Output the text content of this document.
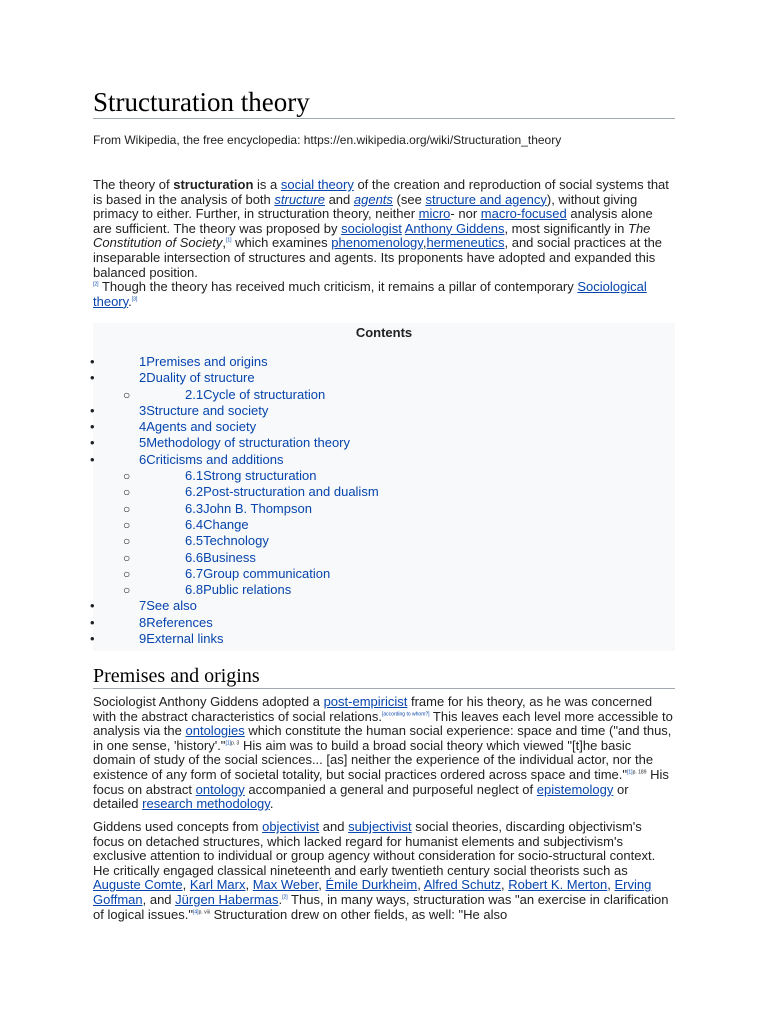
Structuration theory
From Wikipedia, the free encyclopedia: https://en.wikipedia.org/wiki/Structuration_theory

The theory of structuration is a social theory of the creation and reproduction of social systems that is based in the analysis of both structure and agents (see structure and agency), without giving primacy to either. Further, in structuration theory, neither micro- nor macro-focused analysis alone are sufficient. The theory was proposed by sociologist Anthony Giddens, most significantly in The Constitution of Society,[1] which examines phenomenology,hermeneutics, and social practices at the inseparable intersection of structures and agents. Its proponents have adopted and expanded this balanced position.
[2] Though the theory has received much criticism, it remains a pillar of contemporary Sociological theory.[3]

Contents
•	1Premises and origins
•	2Duality of structure
○	2.1Cycle of structuration
•	3Structure and society
•	4Agents and society
•	5Methodology of structuration theory
•	6Criticisms and additions
○	6.1Strong structuration
○	6.2Post-structuration and dualism
○	6.3John B. Thompson
○	6.4Change
○	6.5Technology
○	6.6Business
○	6.7Group communication
○	6.8Public relations
•	7See also
•	8References
•	9External links
Premises and origins

Sociologist Anthony Giddens adopted a post-empiricist frame for his theory, as he was concerned with the abstract characteristics of social relations.[according to whom?] This leaves each level more accessible to analysis via the ontologies which constitute the human social experience: space and time ("and thus, in one sense, 'history'."$^{[1]p. 3}$ His aim was to build a broad social theory which viewed "[t]he basic domain of study of the social sciences... [as] neither the experience of the individual actor, nor the existence of any form of societal totality, but social practices ordered across space and time."$^{[1]p. 189}$ His focus on abstract ontology accompanied a general and purposeful neglect of epistemology or detailed research methodology.

Giddens used concepts from objectivist and subjectivist social theories, discarding objectivism's focus on detached structures, which lacked regard for humanist elements and subjectivism's exclusive attention to individual or group agency without consideration for socio-structural context. He critically engaged classical nineteenth and early twentieth century social theorists such as Auguste Comte, Karl Marx, Max Weber, Émile Durkheim, Alfred Schutz, Robert K. Merton, Erving Goffman, and Jürgen Habermas.[2] Thus, in many ways, structuration was "an exercise in clarification of logical issues."$^{[4]p. viii}$ Structuration drew on other fields, as well: "He also
